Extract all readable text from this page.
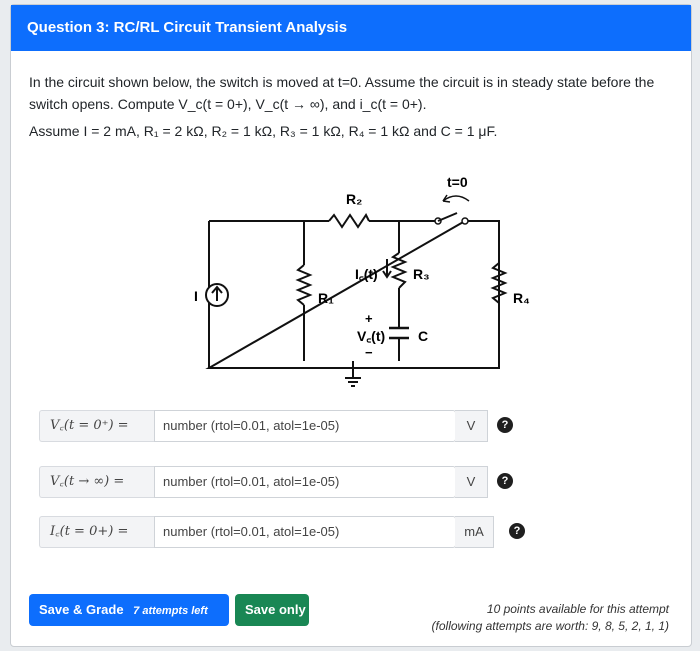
Question 3: RC/RL Circuit Transient Analysis
In the circuit shown below, the switch is moved at t=0. Assume the circuit is in steady state before the
switch opens. Compute V_c(t = 0+), V_c(t → ∞), and i_c(t = 0+).
Assume I = 2 mA, R₁ = 2 kΩ, R₂ = 1 kΩ, R₃ = 1 kΩ, R₄ = 1 kΩ and C = 1 μF.
I
R₂
t=0
R₁
R₃
I꜀(t)
C
V꜀(t)
+
−
R₄
V꜀(t = 0⁺) =	number (rtol=0.01, atol=1e-05)	V	?
V꜀(t → ∞) =	number (rtol=0.01, atol=1e-05)	V	?
I꜀(t = 0+) =	number (rtol=0.01, atol=1e-05)	mA	?
Save & Grade 7 attempts left	Save only	10 points available for this attempt
(following attempts are worth: 9, 8, 5, 2, 1, 1)
